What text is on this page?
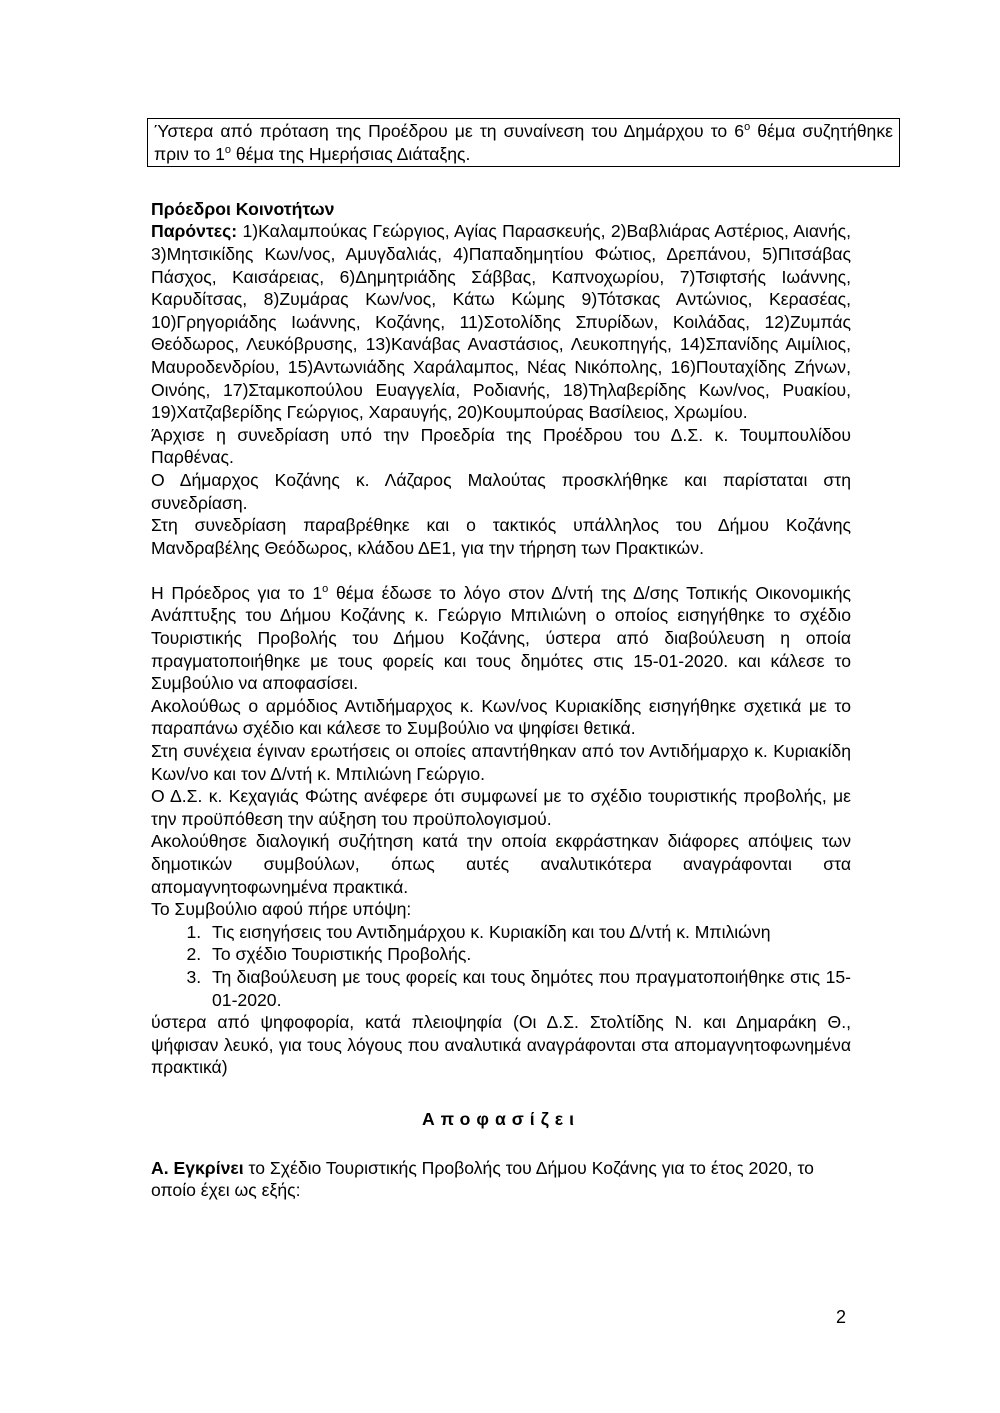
Ύστερα από πρόταση της Προέδρου με τη συναίνεση του Δημάρχου το $6^o$ θέμα συζητήθηκε πριν το $1^o$ θέμα της Ημερήσιας Διάταξης.

Πρόεδροι Κοινοτήτων

Παρόντες: 1)Καλαμπούκας Γεώργιος, Αγίας Παρασκευής, 2)Βαβλιάρας Αστέριος, Αιανής, 3)Μητσικίδης Κων/νος, Αμυγδαλιάς, 4)Παπαδημητίου Φώτιος, Δρεπάνου, 5)Πιτσάβας Πάσχος, Καισάρειας, 6)Δημητριάδης Σάββας, Καπνοχωρίου, 7)Τσιφτσής Ιωάννης, Καρυδίτσας, 8)Ζυμάρας Κων/νος, Κάτω Κώμης 9)Τότσκας Αντώνιος, Κερασέας, 10)Γρηγοριάδης Ιωάννης, Κοζάνης, 11)Σοτολίδης Σπυρίδων, Κοιλάδας, 12)Ζυμπάς Θεόδωρος, Λευκόβρυσης, 13)Κανάβας Αναστάσιος, Λευκοπηγής, 14)Σπανίδης Αιμίλιος, Μαυροδενδρίου, 15)Αντωνιάδης Χαράλαμπος, Νέας Νικόπολης, 16)Πουταχίδης Ζήνων, Οινόης, 17)Σταμκοπούλου Ευαγγελία, Ροδιανής, 18)Τηλαβερίδης Κων/νος, Ρυακίου, 19)Χατζαβερίδης Γεώργιος, Χαραυγής, 20)Κουμπούρας Βασίλειος, Χρωμίου.

Άρχισε η συνεδρίαση υπό την Προεδρία της Προέδρου του Δ.Σ. κ. Τουμπουλίδου Παρθένας.

Ο Δήμαρχος Κοζάνης κ. Λάζαρος Μαλούτας προσκλήθηκε και παρίσταται στη συνεδρίαση.

Στη συνεδρίαση παραβρέθηκε και ο τακτικός υπάλληλος του Δήμου Κοζάνης Μανδραβέλης Θεόδωρος, κλάδου ΔΕ1, για την τήρηση των Πρακτικών.

Η Πρόεδρος για το $1^o$ θέμα έδωσε το λόγο στον Δ/ντή της Δ/σης Τοπικής Οικονομικής Ανάπτυξης του Δήμου Κοζάνης κ. Γεώργιο Μπιλιώνη ο οποίος εισηγήθηκε το σχέδιο Τουριστικής Προβολής του Δήμου Κοζάνης, ύστερα από διαβούλευση η οποία πραγματοποιήθηκε με τους φορείς και τους δημότες στις 15-01-2020. και κάλεσε το Συμβούλιο να αποφασίσει.

Ακολούθως ο αρμόδιος Αντιδήμαρχος κ. Κων/νος Κυριακίδης εισηγήθηκε σχετικά με το παραπάνω σχέδιο και κάλεσε το Συμβούλιο να ψηφίσει θετικά.

Στη συνέχεια έγιναν ερωτήσεις οι οποίες απαντήθηκαν από τον Αντιδήμαρχο κ. Κυριακίδη Κων/νο και τον Δ/ντή κ. Μπιλιώνη Γεώργιο.

Ο Δ.Σ. κ. Κεχαγιάς Φώτης ανέφερε ότι συμφωνεί με το σχέδιο τουριστικής προβολής, με την προϋπόθεση την αύξηση του προϋπολογισμού.

Ακολούθησε διαλογική συζήτηση κατά την οποία εκφράστηκαν διάφορες απόψεις των δημοτικών συμβούλων, όπως αυτές αναλυτικότερα αναγράφονται στα απομαγνητοφωνημένα πρακτικά.

Το Συμβούλιο αφού πήρε υπόψη:

1. Τις εισηγήσεις του Αντιδημάρχου κ. Κυριακίδη και του Δ/ντή κ. Μπιλιώνη
2. Το σχέδιο Τουριστικής Προβολής.
3. Τη διαβούλευση με τους φορείς και τους δημότες που πραγματοποιήθηκε στις 15-01-2020.

ύστερα από ψηφοφορία, κατά πλειοψηφία (Οι Δ.Σ. Στολτίδης Ν. και Δημαράκη Θ., ψήφισαν λευκό, για τους λόγους που αναλυτικά αναγράφονται στα απομαγνητοφωνημένα πρακτικά)

Αποφασίζει

Α. Εγκρίνει το Σχέδιο Τουριστικής Προβολής του Δήμου Κοζάνης για το έτος 2020, το οποίο έχει ως εξής:

2
